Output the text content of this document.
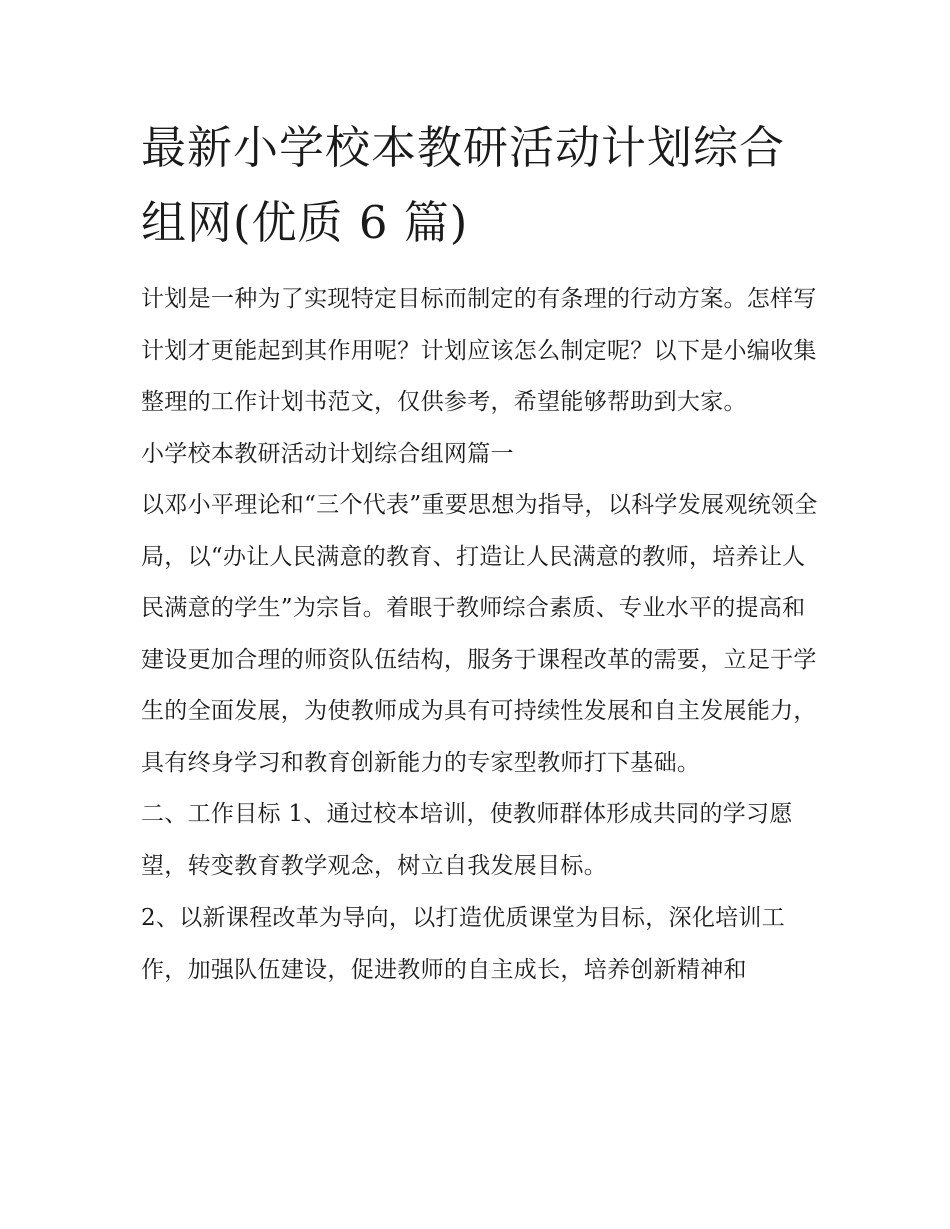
最新小学校本教研活动计划综合组网(优质 6 篇)

计划是一种为了实现特定目标而制定的有条理的行动方案。怎样写计划才更能起到其作用呢？计划应该怎么制定呢？以下是小编收集整理的工作计划书范文，仅供参考，希望能够帮助到大家。

小学校本教研活动计划综合组网篇一

以邓小平理论和“三个代表”重要思想为指导，以科学发展观统领全局，以“办让人民满意的教育、打造让人民满意的教师，培养让人民满意的学生”为宗旨。着眼于教师综合素质、专业水平的提高和建设更加合理的师资队伍结构，服务于课程改革的需要，立足于学生的全面发展，为使教师成为具有可持续性发展和自主发展能力，具有终身学习和教育创新能力的专家型教师打下基础。

二、工作目标 1、通过校本培训，使教师群体形成共同的学习愿望，转变教育教学观念，树立自我发展目标。

2、以新课程改革为导向，以打造优质课堂为目标，深化培训工作，加强队伍建设，促进教师的自主成长，培养创新精神和
